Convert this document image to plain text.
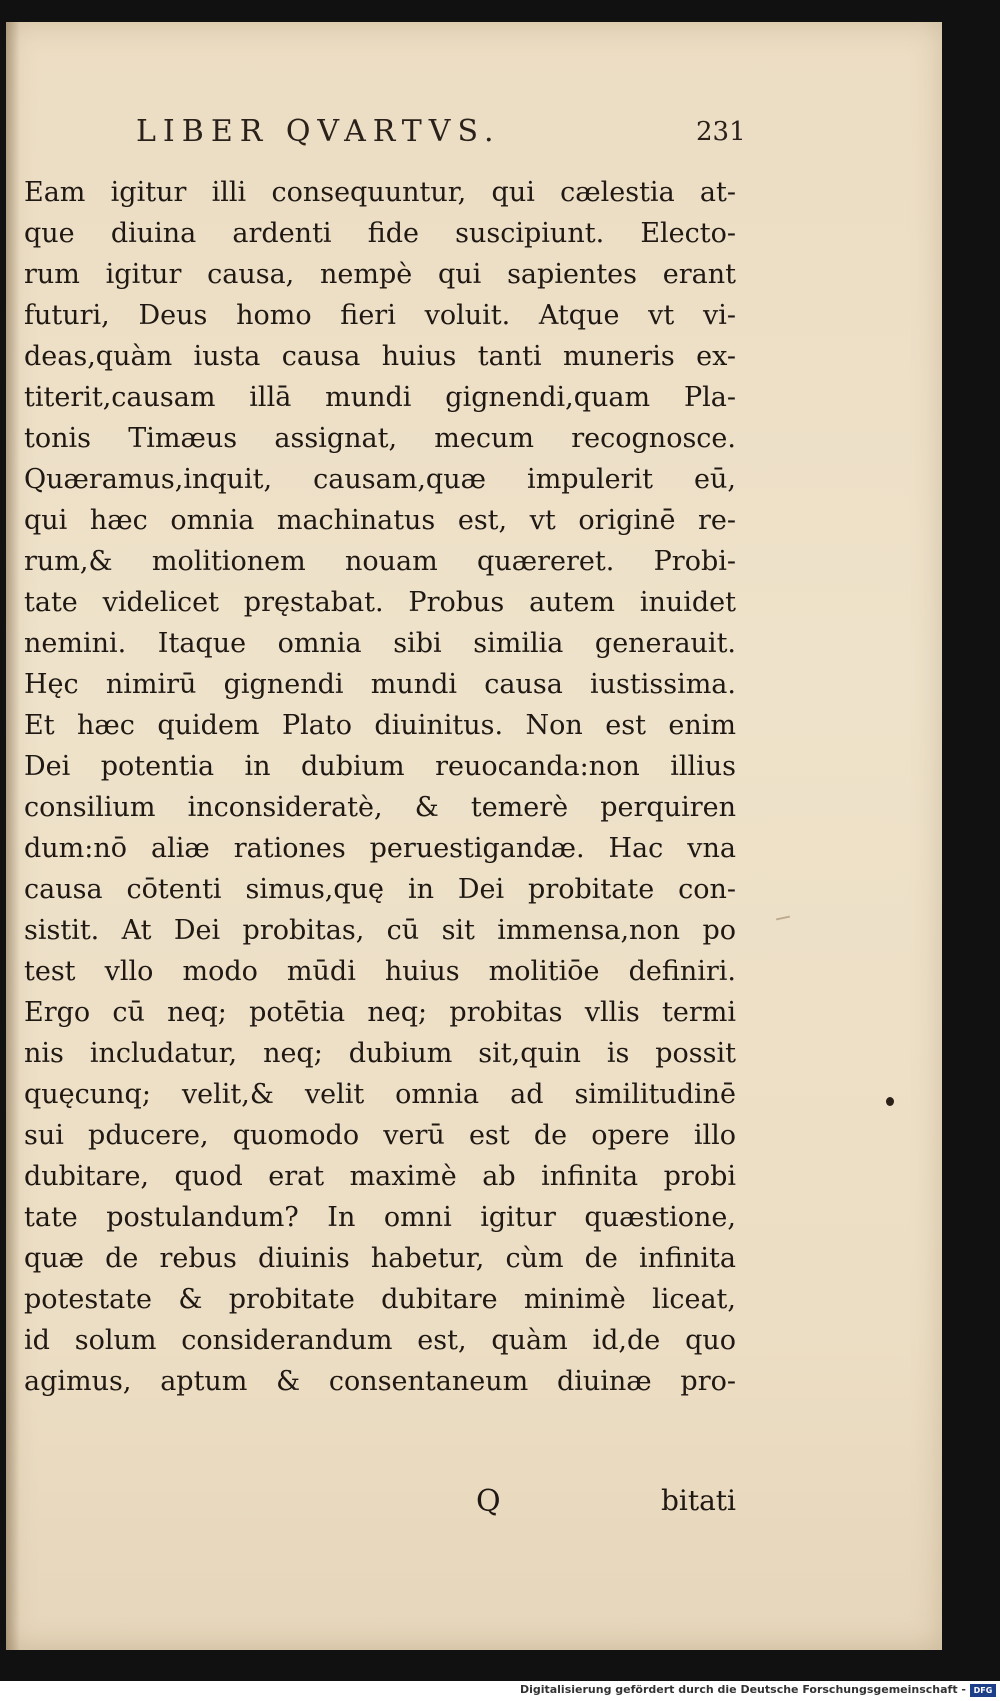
LIBER QVARTVS.	231
Eam igitur illi consequuntur, qui cælestia at-
que diuina ardenti fide suscipiunt. Electo-
rum igitur causa, nempè qui sapientes erant
futuri, Deus homo fieri voluit. Atque vt vi-
deas,quàm iusta causa huius tanti muneris ex-
titerit,causam illā mundi gignendi,quam Pla-
tonis Timæus assignat, mecum recognosce.
Quæramus,inquit, causam,quæ impulerit eū,
qui hæc omnia machinatus est, vt originē re-
rum,& molitionem nouam quæreret. Probi-
tate videlicet pręstabat. Probus autem inuidet
nemini. Itaque omnia sibi similia generauit.
Hęc nimirū gignendi mundi causa iustissima.
Et hæc quidem Plato diuinitus. Non est enim
Dei potentia in dubium reuocanda:non illius
consilium inconsideratè, & temerè perquiren
dum:nō aliæ rationes peruestigandæ. Hac vna
causa cōtenti simus,quę in Dei probitate con-
sistit. At Dei probitas, cū sit immensa,non po
test vllo modo mūdi huius molitiōe definiri.
Ergo cū neq; potētia neq; probitas vllis termi
nis includatur, neq; dubium sit,quin is possit
quęcunq; velit,& velit omnia ad similitudinē
sui pducere, quomodo verū est de opere illo
dubitare, quod erat maximè ab infinita probi
tate postulandum? In omni igitur quæstione,
quæ de rebus diuinis habetur, cùm de infinita
potestate & probitate dubitare minimè liceat,
id solum considerandum est, quàm id,de quo
agimus, aptum & consentaneum diuinæ pro-
Q	bitati
Digitalisierung gefördert durch die Deutsche Forschungsgemeinschaft - DFG
